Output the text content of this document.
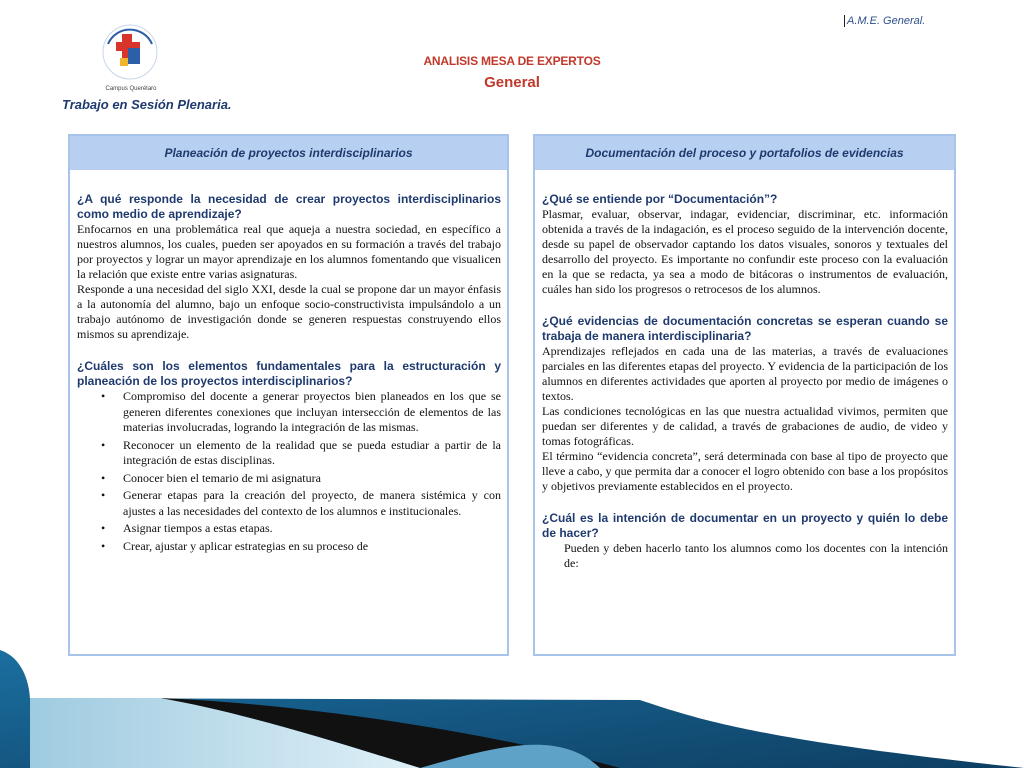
Campus Querétaro
Trabajo en Sesión Plenaria.
A.M.E. General.
ANALISIS MESA DE EXPERTOS
General
Planeación de proyectos interdisciplinarios

¿A qué responde la necesidad de crear proyectos interdisciplinarios como medio de aprendizaje?

Enfocarnos en una problemática real que aqueja a nuestra sociedad, en específico a nuestros alumnos, los cuales, pueden ser apoyados en su formación a través del trabajo por proyectos y lograr un mayor aprendizaje en los alumnos fomentando que visualicen la relación que existe entre varias asignaturas.

Responde a una necesidad del siglo XXI, desde la cual se propone dar un mayor énfasis a la autonomía del alumno, bajo un enfoque socio-constructivista impulsándolo a un trabajo autónomo de investigación donde se generen respuestas construyendo ellos mismos su aprendizaje.

¿Cuáles son los elementos fundamentales para la estructuración y planeación de los proyectos interdisciplinarios?

• Compromiso del docente a generar proyectos bien planeados en los que se generen diferentes conexiones que incluyan intersección de elementos de las materias involucradas, logrando la integración de las mismas.
• Reconocer un elemento de la realidad que se pueda estudiar a partir de la integración de estas disciplinas.
• Conocer bien el temario de mi asignatura
• Generar etapas para la creación del proyecto, de manera sistémica y con ajustes a las necesidades del contexto de los alumnos e institucionales.
• Asignar tiempos a estas etapas.
• Crear, ajustar y aplicar estrategias en su proceso de
Documentación del proceso y portafolios de evidencias

¿Qué se entiende por “Documentación”?

Plasmar, evaluar, observar, indagar, evidenciar, discriminar, etc. información obtenida a través de la indagación, es el proceso seguido de la intervención docente, desde su papel de observador captando los datos visuales, sonoros y textuales del desarrollo del proyecto. Es importante no confundir este proceso con la evaluación en la que se redacta, ya sea a modo de bitácoras o instrumentos de evaluación, cuáles han sido los progresos o retrocesos de los alumnos.

¿Qué evidencias de documentación concretas se esperan cuando se trabaja de manera interdisciplinaria?

Aprendizajes reflejados en cada una de las materias, a través de evaluaciones parciales en las diferentes etapas del proyecto. Y evidencia de la participación de los alumnos en diferentes actividades que aporten al proyecto por medio de imágenes o textos.

Las condiciones tecnológicas en las que nuestra actualidad vivimos, permiten que puedan ser diferentes y de calidad, a través de grabaciones de audio, de video y tomas fotográficas.

El término “evidencia concreta”, será determinada con base al tipo de proyecto que lleve a cabo, y que permita dar a conocer el logro obtenido con base a los propósitos y objetivos previamente establecidos en el proyecto.

¿Cuál es la intención de documentar en un proyecto y quién lo debe de hacer?

Pueden y deben hacerlo tanto los alumnos como los docentes con la intención de:
